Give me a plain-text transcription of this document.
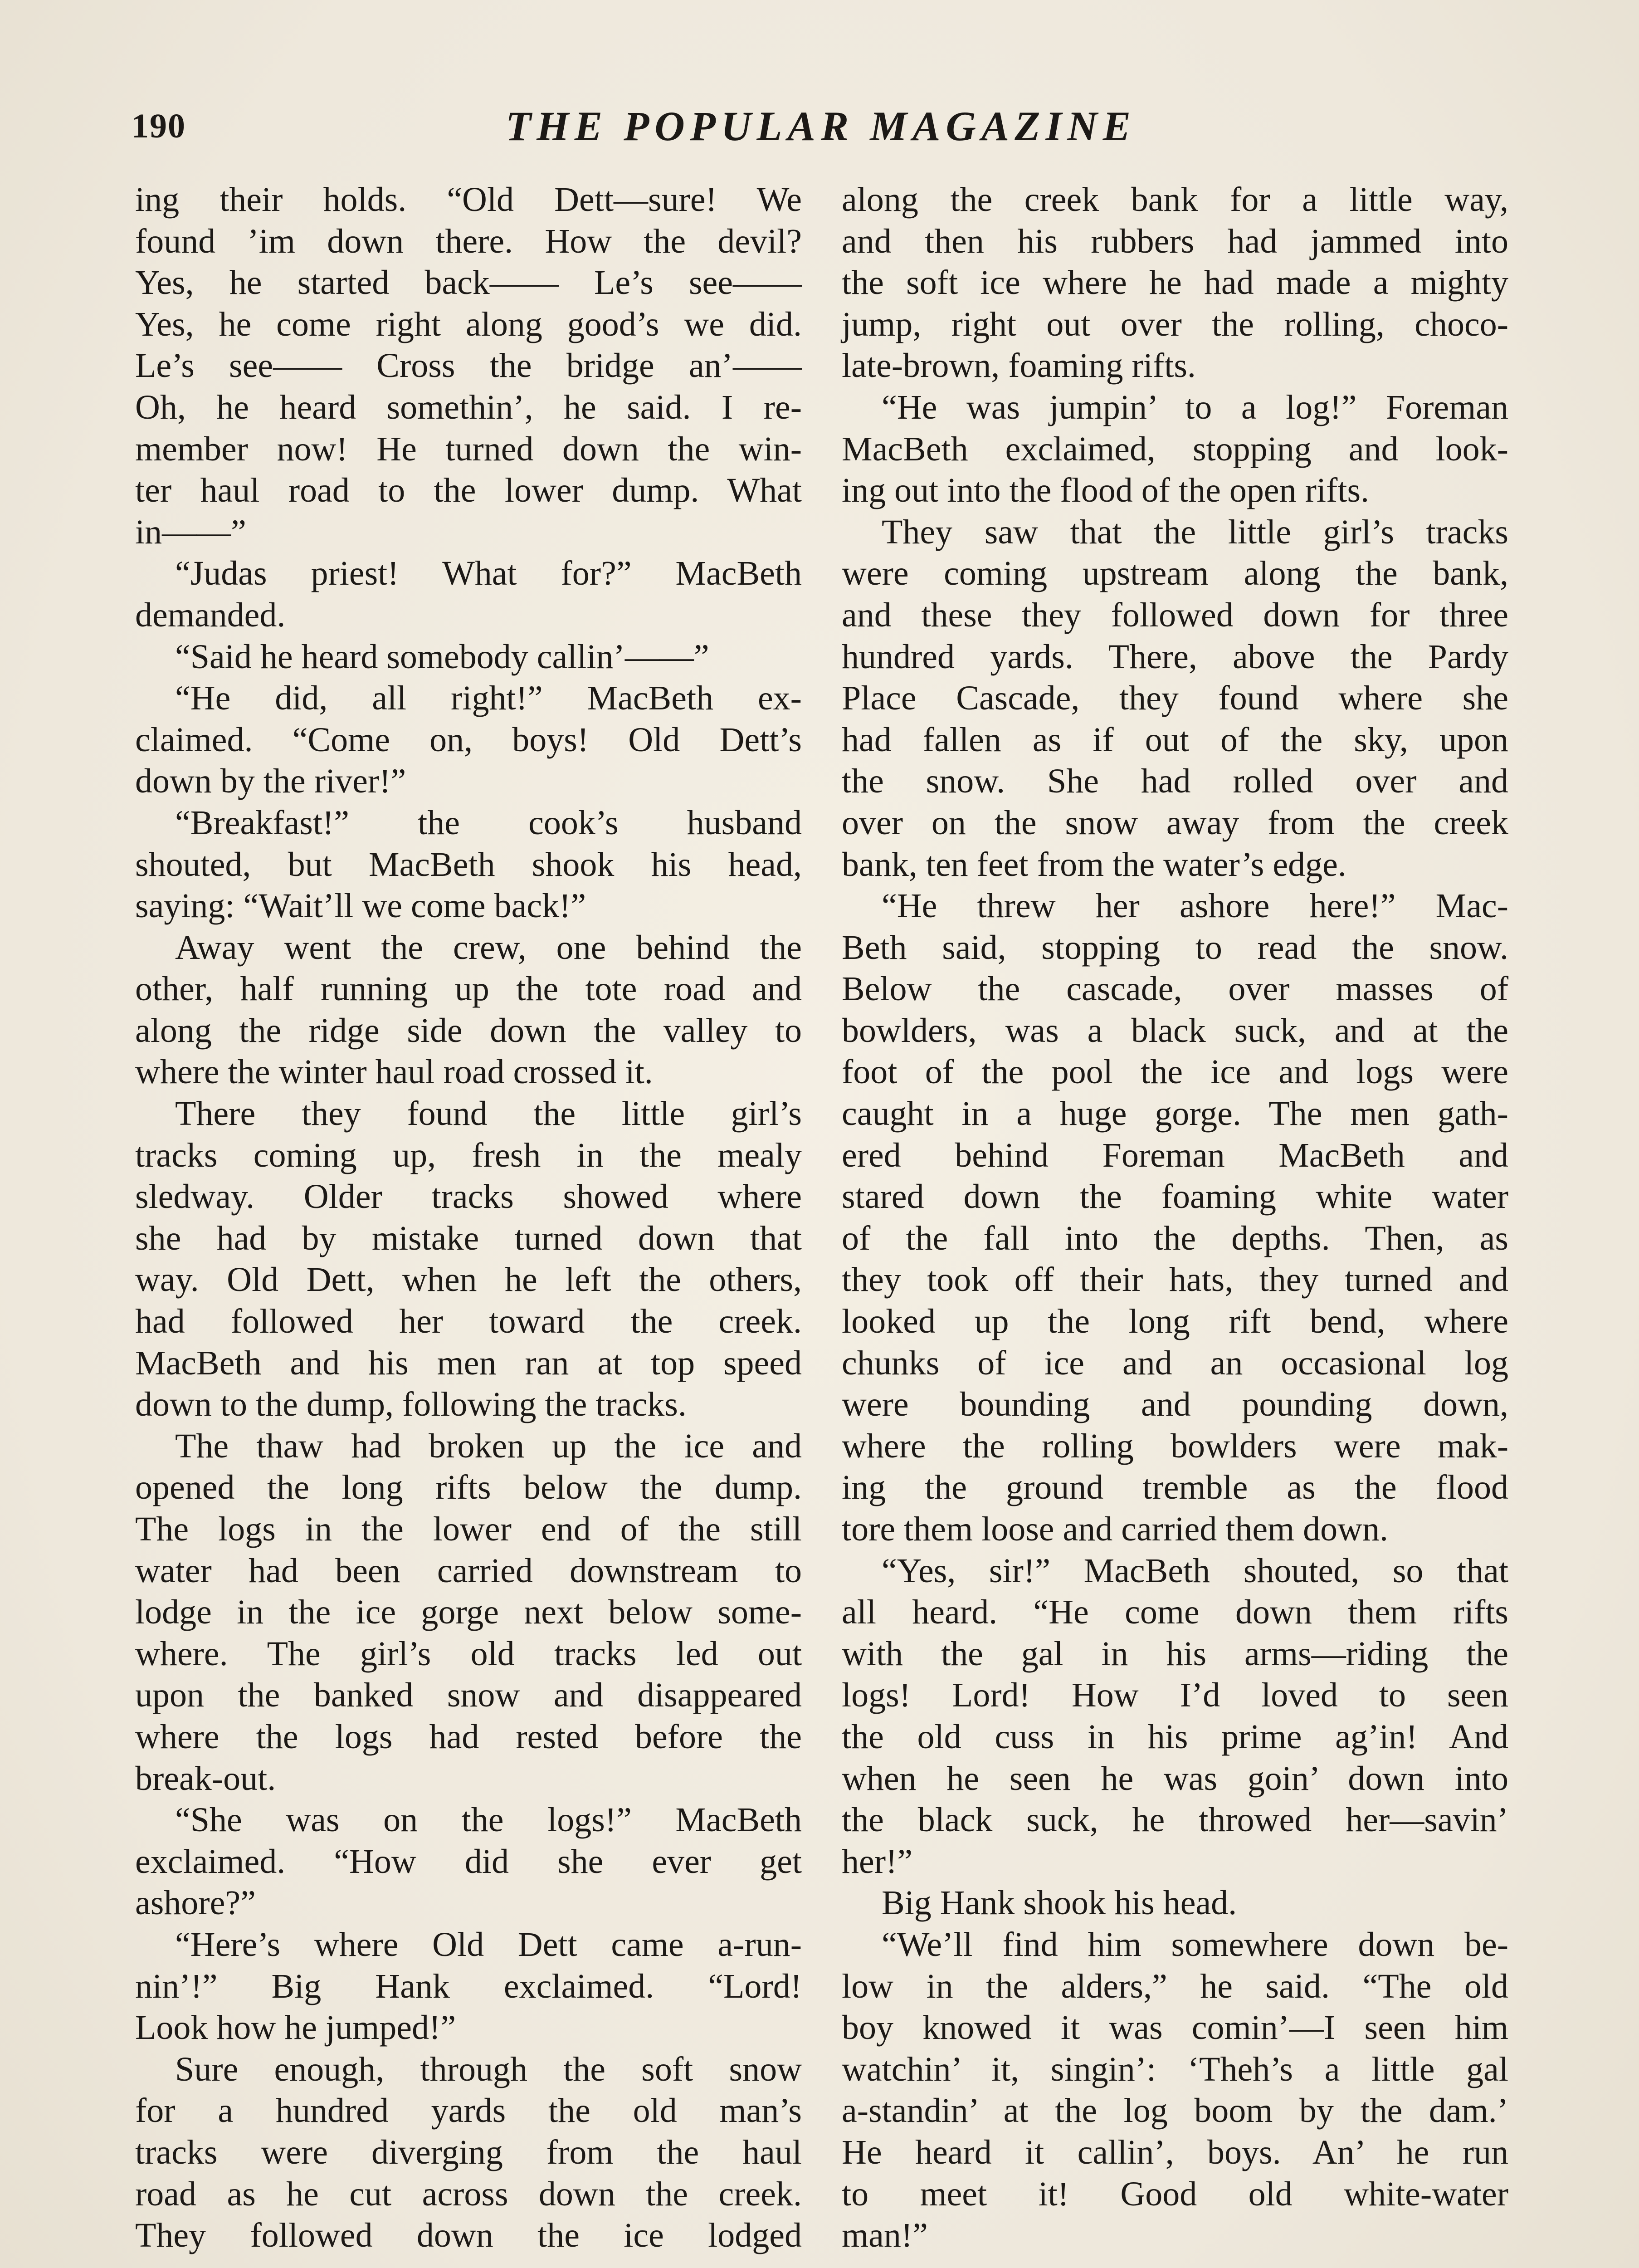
190	THE POPULAR MAGAZINE

ing their holds. “Old Dett—sure! We

found ’im down there. How the devil?

Yes, he started back—— Le’s see——

Yes, he come right along good’s we did.

Le’s see—— Cross the bridge an’——

Oh, he heard somethin’, he said. I re-

member now! He turned down the win-

ter haul road to the lower dump. What

in——”

“Judas priest! What for?” MacBeth

demanded.

“Said he heard somebody callin’——”

“He did, all right!” MacBeth ex-

claimed. “Come on, boys! Old Dett’s

down by the river!”

“Breakfast!” the cook’s husband

shouted, but MacBeth shook his head,

saying: “Wait’ll we come back!”

Away went the crew, one behind the

other, half running up the tote road and

along the ridge side down the valley to

where the winter haul road crossed it.

There they found the little girl’s

tracks coming up, fresh in the mealy

sledway. Older tracks showed where

she had by mistake turned down that

way. Old Dett, when he left the others,

had followed her toward the creek.

MacBeth and his men ran at top speed

down to the dump, following the tracks.

The thaw had broken up the ice and

opened the long rifts below the dump.

The logs in the lower end of the still

water had been carried downstream to

lodge in the ice gorge next below some-

where. The girl’s old tracks led out

upon the banked snow and disappeared

where the logs had rested before the

break-out.

“She was on the logs!” MacBeth

exclaimed. “How did she ever get

ashore?”

“Here’s where Old Dett came a-run-

nin’!” Big Hank exclaimed. “Lord!

Look how he jumped!”

Sure enough, through the soft snow

for a hundred yards the old man’s

tracks were diverging from the haul

road as he cut across down the creek.

They followed down the ice lodged

along the creek bank for a little way,

and then his rubbers had jammed into

the soft ice where he had made a mighty

jump, right out over the rolling, choco-

late-brown, foaming rifts.

“He was jumpin’ to a log!” Foreman

MacBeth exclaimed, stopping and look-

ing out into the flood of the open rifts.

They saw that the little girl’s tracks

were coming upstream along the bank,

and these they followed down for three

hundred yards. There, above the Pardy

Place Cascade, they found where she

had fallen as if out of the sky, upon

the snow. She had rolled over and

over on the snow away from the creek

bank, ten feet from the water’s edge.

“He threw her ashore here!” Mac-

Beth said, stopping to read the snow.

Below the cascade, over masses of

bowlders, was a black suck, and at the

foot of the pool the ice and logs were

caught in a huge gorge. The men gath-

ered behind Foreman MacBeth and

stared down the foaming white water

of the fall into the depths. Then, as

they took off their hats, they turned and

looked up the long rift bend, where

chunks of ice and an occasional log

were bounding and pounding down,

where the rolling bowlders were mak-

ing the ground tremble as the flood

tore them loose and carried them down.

“Yes, sir!” MacBeth shouted, so that

all heard. “He come down them rifts

with the gal in his arms—riding the

logs! Lord! How I’d loved to seen

the old cuss in his prime ag’in! And

when he seen he was goin’ down into

the black suck, he throwed her—savin’

her!”

Big Hank shook his head.

“We’ll find him somewhere down be-

low in the alders,” he said. “The old

boy knowed it was comin’—I seen him

watchin’ it, singin’: ‘Theh’s a little gal

a-standin’ at the log boom by the dam.’

He heard it callin’, boys. An’ he run

to meet it! Good old white-water

man!”
